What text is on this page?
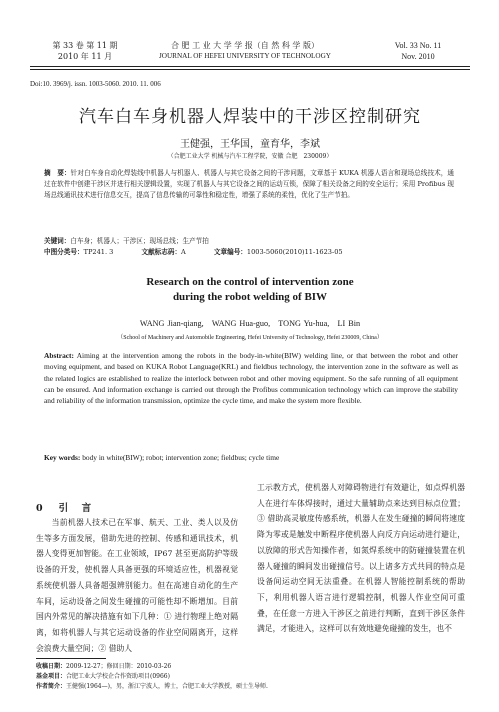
第 33 卷 第 11 期
2010 年 11 月
合 肥 工 业 大 学 学 报（自 然 科 学 版）
JOURNAL OF HEFEI UNIVERSITY OF TECHNOLOGY
Vol. 33 No. 11
Nov. 2010
Doi:10. 3969/j. issn. 1003-5060. 2010. 11. 006
汽车白车身机器人焊装中的干涉区控制研究
王健强，王华国，童育华，李斌
（合肥工业大学 机械与汽车工程学院，安徽 合肥　230009）
摘　要：针对白车身自动化焊装线中机器人与机器人、机器人与其它设备之间的干涉问题，文章基于 KUKA 机器人语言和现场总线技术，通过在软件中创建干涉区并进行相关逻辑设置，实现了机器人与其它设备之间的运动互锁，保障了相关设备之间的安全运行；采用 Profibus 现场总线通讯技术进行信息交互，提高了信息传输的可靠性和稳定性，增强了系统的柔性，优化了生产节拍。
关键词：白车身；机器人；干涉区；现场总线；生产节拍
中图分类号：TP241. 3	文献标志码：A	文章编号：1003-5060(2010)11-1623-05
Research on the control of intervention zone
during the robot welding of BIW
WANG Jian-qiang,　WANG Hua-guo,　TONG Yu-hua,　LI Bin
（School of Machinery and Automobile Engineering, Hefei University of Technology, Hefei 230009, China）
Abstract: Aiming at the intervention among the robots in the body-in-white(BIW) welding line, or that between the robot and other moving equipment, and based on KUKA Robot Language(KRL) and fieldbus technology, the intervention zone in the software as well as the related logics are established to realize the interlock between robot and other moving equipment. So the safe running of all equipment can be ensured. And information exchange is carried out through the Profibus communication technology which can improve the stability and reliability of the information transmission, optimize the cycle time, and make the system more flexible.
Key words: body in white(BIW); robot; intervention zone; fieldbus; cycle time
0 引　言

当前机器人技术已在军事、航天、工业、类人以及仿生等多方面发展，借助先进的控制、传感和通讯技术，机器人变得更加智能。在工业领域，IP67 甚至更高防护等级设备的开发，使机器人具备更强的环境适应性，机器视觉系统使机器人具备超强辨别能力。但在高速自动化的生产车间，运动设备之间发生碰撞的可能性却不断增加。目前国内外常见的解决措施有如下几种：① 进行物理上绝对隔离，如将机器人与其它运动设备的作业空间隔离开，这样会浪费大量空间；② 借助人

工示教方式，使机器人对障碍物进行有效避让，如点焊机器人在进行车体焊接时，通过大量辅助点来达到目标点位置；③ 借助高灵敏度传感系统，机器人在发生碰撞的瞬间将速度降为零或是触发中断程序使机器人向反方向运动进行避让，以放障的形式告知操作者，如氮焊系统中的防碰撞装置在机器人碰撞的瞬间发出碰撞信号。以上诸多方式共同的特点是设备间运动空间无法重叠。在机器人智能控制系统的帮助下，利用机器人语言进行逻辑控制，机器人作业空间可重叠，在任意一方进入干涉区之前进行判断，直到干涉区条件满足，才能进入，这样可以有效地避免碰撞的发生，也不

收稿日期：2009-12-27；修回日期：2010-03-26
基金项目：合肥工业大学校企合作资助项目(0966)
作者简介：王健强(1964—)，男，浙江宁波人，博士，合肥工业大学教授，硕士生导师.
